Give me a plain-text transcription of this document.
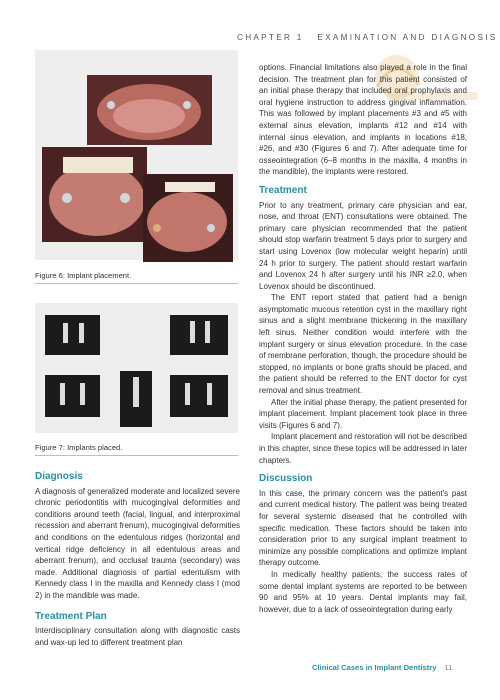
CHAPTER 1 EXAMINATION AND DIAGNOSIS
Figure 6: Implant placement.
Figure 7: Implants placed.
Diagnosis

A diagnosis of generalized moderate and localized severe chronic periodontitis with mucogingival deformities and conditions around teeth (facial, lingual, and interproximal recession and aberrant frenum), mucogingival deformities and conditions on the edentulous ridges (horizontal and vertical ridge deficiency in all edentulous areas and aberrant frenum), and occlusal trauma (secondary) was made. Additional diagnosis of partial edentulism with Kennedy class I in the maxilla and Kennedy class I (mod 2) in the mandible was made.

Treatment Plan

Interdisciplinary consultation along with diagnostic casts and wax-up led to different treatment plan

options. Financial limitations also played a role in the final decision. The treatment plan for this patient consisted of an initial phase therapy that included oral prophylaxis and oral hygiene instruction to address gingival inflammation. This was followed by implant placements #3 and #5 with external sinus elevation, implants #12 and #14 with internal sinus elevation, and implants in locations #18, #26, and #30 (Figures 6 and 7). After adequate time for osseointegration (6–8 months in the maxilla, 4 months in the mandible), the implants were restored.

Treatment

Prior to any treatment, primary care physician and ear, nose, and throat (ENT) consultations were obtained. The primary care physician recommended that the patient should stop warfarin treatment 5 days prior to surgery and start using Lovenox (low molecular weight heparin) until 24 h prior to surgery. The patient should restart warfarin and Lovenox 24 h after surgery until his INR ≥2.0, when Lovenox should be discontinued.

The ENT report stated that patient had a benign asymptomatic mucous retention cyst in the maxillary right sinus and a slight membrane thickening in the maxillary left sinus. Neither condition would interfere with the implant surgery or sinus elevation procedure. In the case of membrane perforation, though, the procedure should be stopped, no implants or bone grafts should be placed, and the patient should be referred to the ENT doctor for cyst removal and sinus treatment.

After the initial phase therapy, the patient presented for implant placement. Implant placement took place in three visits (Figures 6 and 7).

Implant placement and restoration will not be described in this chapter, since these topics will be addressed in later chapters.

Discussion

In this case, the primary concern was the patient's past and current medical history. The patient was being treated for several systemic diseased that he controlled with specific medication. These factors should be taken into consideration prior to any surgical implant treatment to minimize any possible complications and optimize implant therapy outcome.

In medically healthy patients, the success rates of some dental implant systems are reported to be between 90 and 95% at 10 years. Dental implants may fail, however, due to a lack of osseointegration during early

Clinical Cases in Implant Dentistry 11
